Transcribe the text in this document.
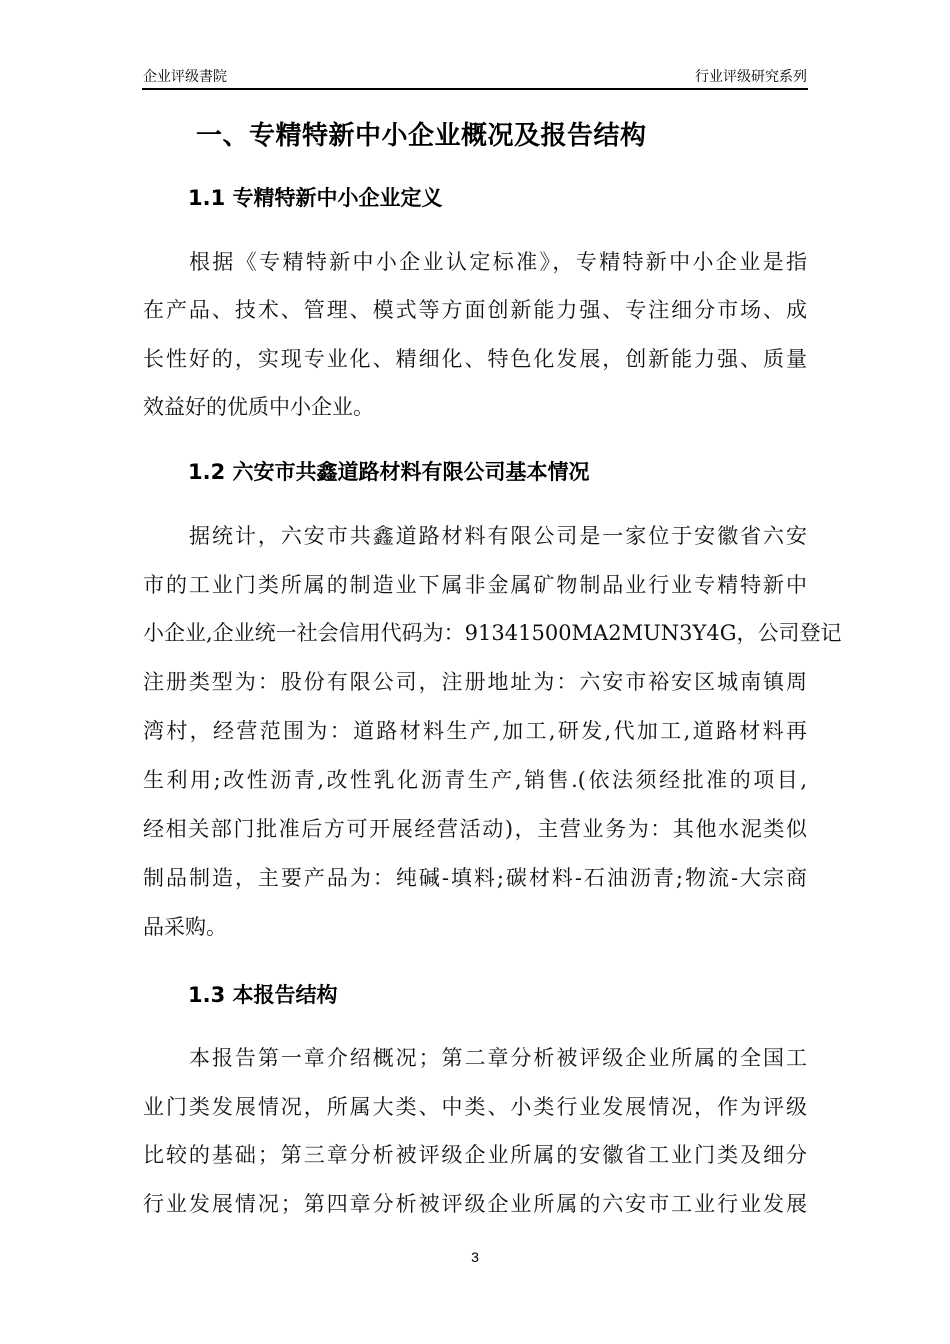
企业评级書院	行业评级研究系列
一、专精特新中小企业概况及报告结构
1.1 专精特新中小企业定义
根据《专精特新中小企业认定标准》，专精特新中小企业是指
在产品、技术、管理、模式等方面创新能力强、专注细分市场、成
长性好的，实现专业化、精细化、特色化发展，创新能力强、质量
效益好的优质中小企业。
1.2 六安市共鑫道路材料有限公司基本情况
据统计，六安市共鑫道路材料有限公司是一家位于安徽省六安
市的工业门类所属的制造业下属非金属矿物制品业行业专精特新中
小企业,企业统一社会信用代码为：91341500MA2MUN3Y4G，公司登记
注册类型为：股份有限公司，注册地址为：六安市裕安区城南镇周
湾村，经营范围为：道路材料生产,加工,研发,代加工,道路材料再
生利用;改性沥青,改性乳化沥青生产,销售.(依法须经批准的项目,
经相关部门批准后方可开展经营活动)，主营业务为：其他水泥类似
制品制造，主要产品为：纯碱-填料;碳材料-石油沥青;物流-大宗商
品采购。
1.3 本报告结构
本报告第一章介绍概况；第二章分析被评级企业所属的全国工
业门类发展情况，所属大类、中类、小类行业发展情况，作为评级
比较的基础；第三章分析被评级企业所属的安徽省工业门类及细分
行业发展情况；第四章分析被评级企业所属的六安市工业行业发展
3
